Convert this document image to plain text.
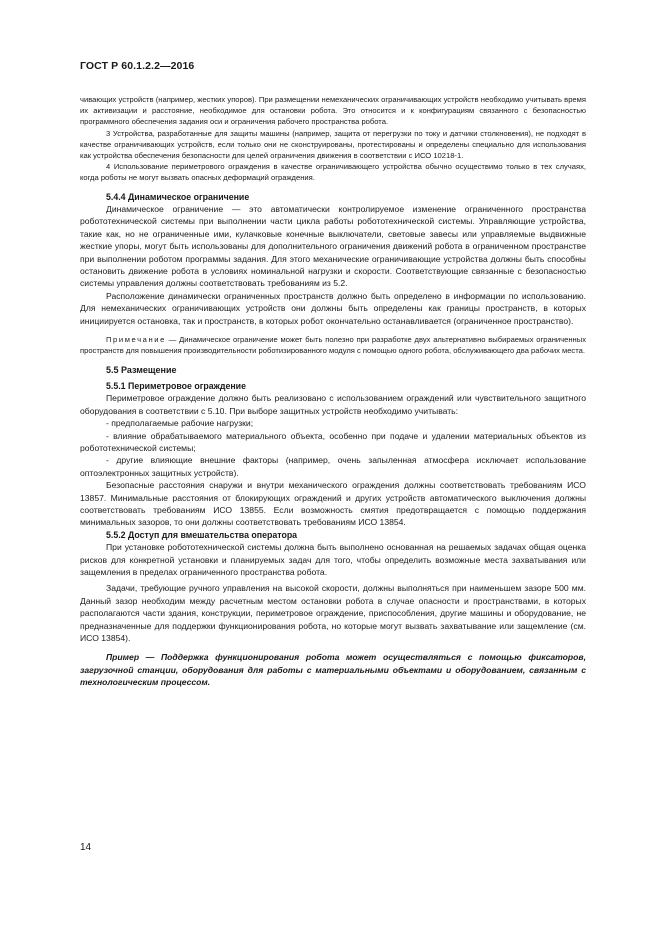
ГОСТ Р 60.1.2.2—2016

чивающих устройств (например, жестких упоров). При размещении немеханических ограничивающих устройств необходимо учитывать время их активизации и расстояние, необходимое для остановки робота. Это относится и к конфигурациям связанного с безопасностью программного обеспечения задания оси и ограничения рабочего пространства робота.

3 Устройства, разработанные для защиты машины (например, защита от перегрузки по току и датчики столкновения), не подходят в качестве ограничивающих устройств, если только они не сконструированы, протестированы и определены специально для использования как устройства обеспечения безопасности для целей ограничения движения в соответствии с ИСО 10218-1.

4 Использование периметрового ограждения в качестве ограничивающего устройства обычно осуществимо только в тех случаях, когда роботы не могут вызвать опасных деформаций ограждения.

5.4.4 Динамическое ограничение

Динамическое ограничение — это автоматически контролируемое изменение ограниченного пространства робототехнической системы при выполнении части цикла работы робототехнической системы. Управляющие устройства, такие как, но не ограниченные ими, кулачковые конечные выключатели, световые завесы или управляемые выдвижные жесткие упоры, могут быть использованы для дополнительного ограничения движений робота в ограниченном пространстве при выполнении роботом программы задания. Для этого механические ограничивающие устройства должны быть способны остановить движение робота в условиях номинальной нагрузки и скорости. Соответствующие связанные с безопасностью системы управления должны соответствовать требованиям из 5.2.

Расположение динамически ограниченных пространств должно быть определено в информации по использованию. Для немеханических ограничивающих устройств они должны быть определены как границы пространств, в которых инициируется остановка, так и пространств, в которых робот окончательно останавливается (ограниченное пространство).

Примечание — Динамическое ограничение может быть полезно при разработке двух альтернативно выбираемых ограниченных пространств для повышения производительности роботизированного модуля с помощью одного робота, обслуживающего два рабочих места.

5.5 Размещение

5.5.1 Периметровое ограждение

Периметровое ограждение должно быть реализовано с использованием ограждений или чувствительного защитного оборудования в соответствии с 5.10. При выборе защитных устройств необходимо учитывать:

- предполагаемые рабочие нагрузки;

- влияние обрабатываемого материального объекта, особенно при подаче и удалении материальных объектов из робототехнической системы;

- другие влияющие внешние факторы (например, очень запыленная атмосфера исключает использование оптоэлектронных защитных устройств).

Безопасные расстояния снаружи и внутри механического ограждения должны соответствовать требованиям ИСО 13857. Минимальные расстояния от блокирующих ограждений и других устройств автоматического выключения должны соответствовать требованиям ИСО 13855. Если возможность смятия предотвращается с помощью поддержания минимальных зазоров, то они должны соответствовать требованиям ИСО 13854.

5.5.2 Доступ для вмешательства оператора

При установке робототехнической системы должна быть выполнено основанная на решаемых задачах общая оценка рисков для конкретной установки и планируемых задач для того, чтобы определить возможные места захватывания или защемления в пределах ограниченного пространства робота.

Задачи, требующие ручного управления на высокой скорости, должны выполняться при наименьшем зазоре 500 мм. Данный зазор необходим между расчетным местом остановки робота в случае опасности и пространствами, в которых располагаются части здания, конструкции, периметровое ограждение, приспособления, другие машины и оборудование, не предназначенные для поддержки функционирования робота, но которые могут вызвать захватывание или защемление (см. ИСО 13854).

Пример — Поддержка функционирования робота может осуществляться с помощью фиксаторов, загрузочной станции, оборудования для работы с материальными объектами и оборудованием, связанным с технологическим процессом.

14
